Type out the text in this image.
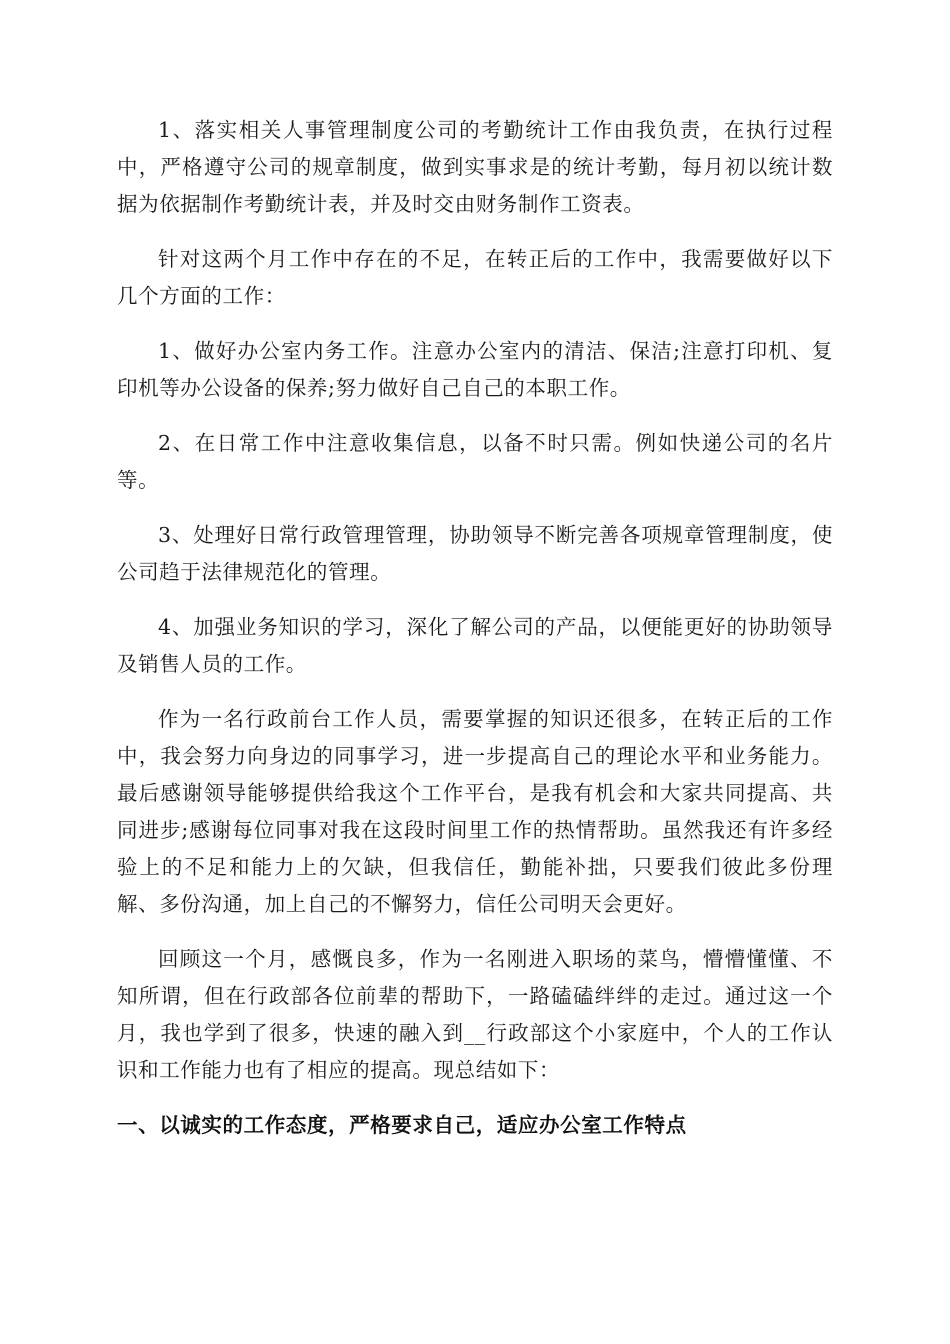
1、落实相关人事管理制度公司的考勤统计工作由我负责，在执行过程中，严格遵守公司的规章制度，做到实事求是的统计考勤，每月初以统计数据为依据制作考勤统计表，并及时交由财务制作工资表。

针对这两个月工作中存在的不足，在转正后的工作中，我需要做好以下几个方面的工作：

1、做好办公室内务工作。注意办公室内的清洁、保洁;注意打印机、复印机等办公设备的保养;努力做好自己自己的本职工作。

2、在日常工作中注意收集信息，以备不时只需。例如快递公司的名片等。

3、处理好日常行政管理管理，协助领导不断完善各项规章管理制度，使公司趋于法律规范化的管理。

4、加强业务知识的学习，深化了解公司的产品，以便能更好的协助领导及销售人员的工作。

作为一名行政前台工作人员，需要掌握的知识还很多，在转正后的工作中，我会努力向身边的同事学习，进一步提高自己的理论水平和业务能力。最后感谢领导能够提供给我这个工作平台，是我有机会和大家共同提高、共同进步;感谢每位同事对我在这段时间里工作的热情帮助。虽然我还有许多经验上的不足和能力上的欠缺，但我信任，勤能补拙，只要我们彼此多份理解、多份沟通，加上自己的不懈努力，信任公司明天会更好。

回顾这一个月，感慨良多，作为一名刚进入职场的菜鸟，懵懵懂懂、不知所谓，但在行政部各位前辈的帮助下，一路磕磕绊绊的走过。通过这一个月，我也学到了很多，快速的融入到__行政部这个小家庭中，个人的工作认识和工作能力也有了相应的提高。现总结如下：

一、以诚实的工作态度，严格要求自己，适应办公室工作特点
